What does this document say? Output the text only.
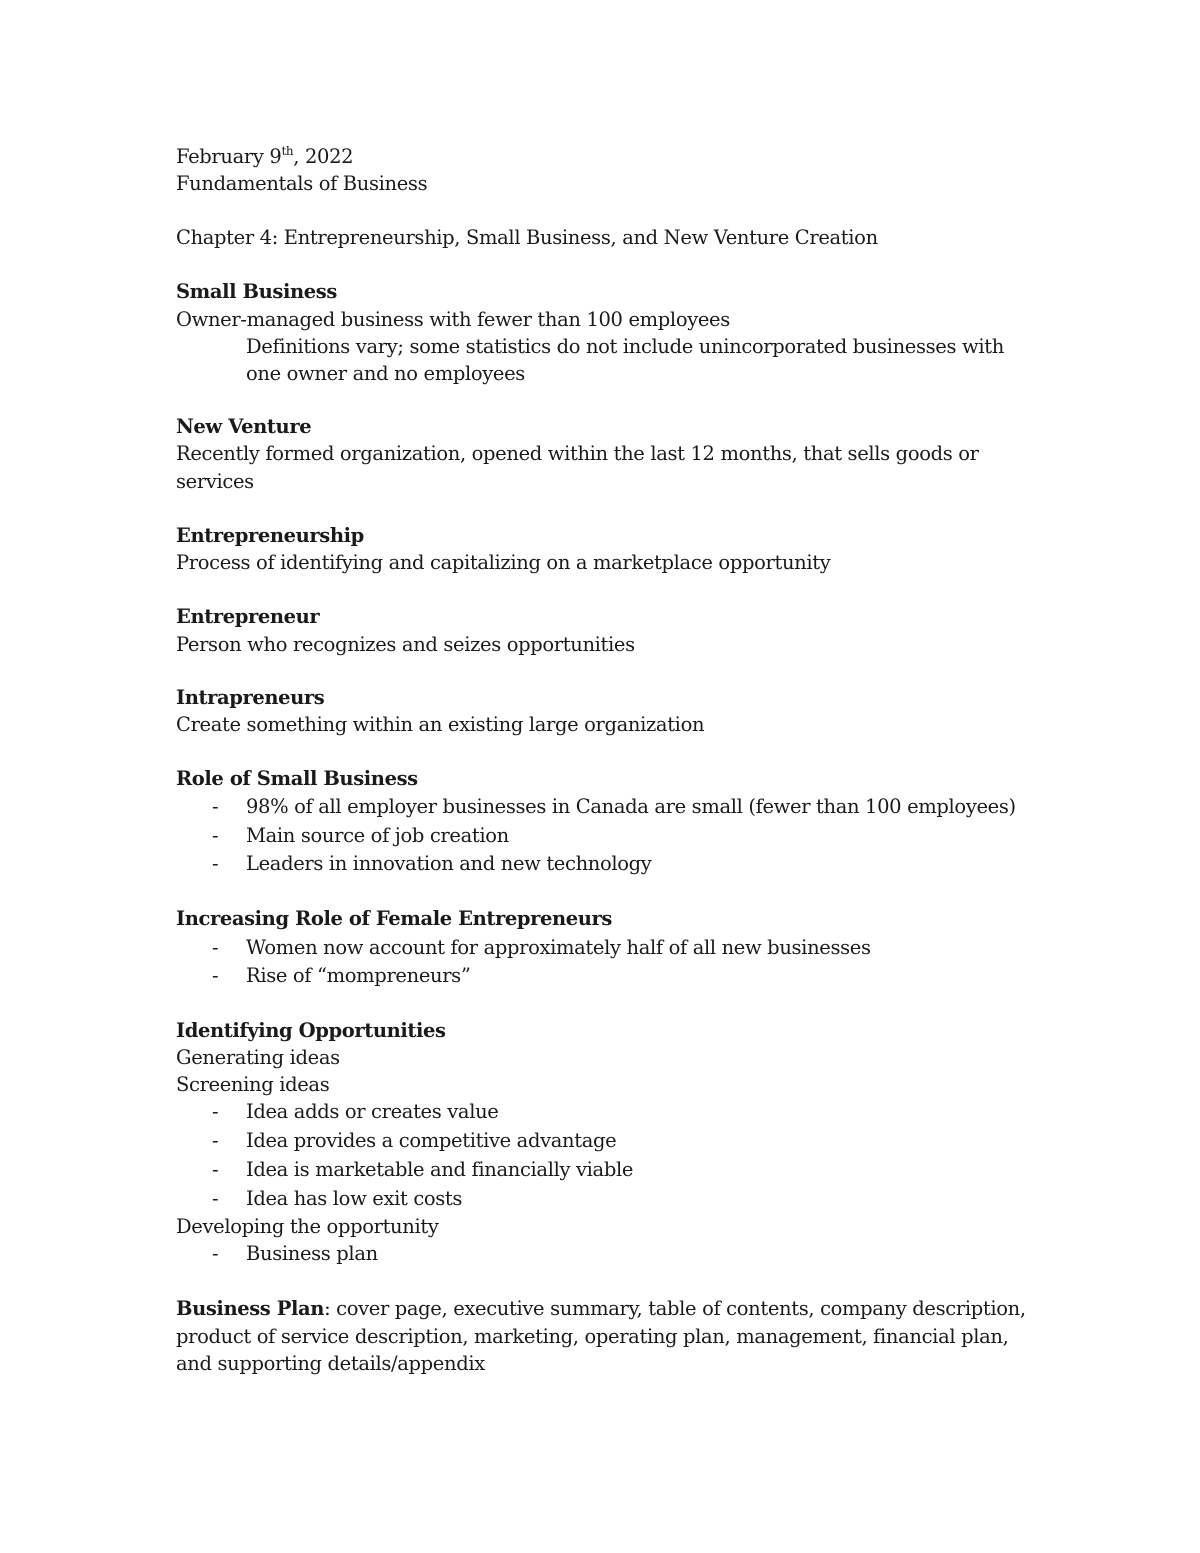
February 9th, 2022
Fundamentals of Business
Chapter 4: Entrepreneurship, Small Business, and New Venture Creation
Small Business
Owner-managed business with fewer than 100 employees
Definitions vary; some statistics do not include unincorporated businesses with
one owner and no employees
New Venture
Recently formed organization, opened within the last 12 months, that sells goods or
services
Entrepreneurship
Process of identifying and capitalizing on a marketplace opportunity
Entrepreneur
Person who recognizes and seizes opportunities
Intrapreneurs
Create something within an existing large organization
Role of Small Business
- 98% of all employer businesses in Canada are small (fewer than 100 employees)
- Main source of job creation
- Leaders in innovation and new technology
Increasing Role of Female Entrepreneurs
- Women now account for approximately half of all new businesses
- Rise of “mompreneurs”
Identifying Opportunities
Generating ideas
Screening ideas
- Idea adds or creates value
- Idea provides a competitive advantage
- Idea is marketable and financially viable
- Idea has low exit costs
Developing the opportunity
- Business plan
Business Plan: cover page, executive summary, table of contents, company description,
product of service description, marketing, operating plan, management, financial plan,
and supporting details/appendix
